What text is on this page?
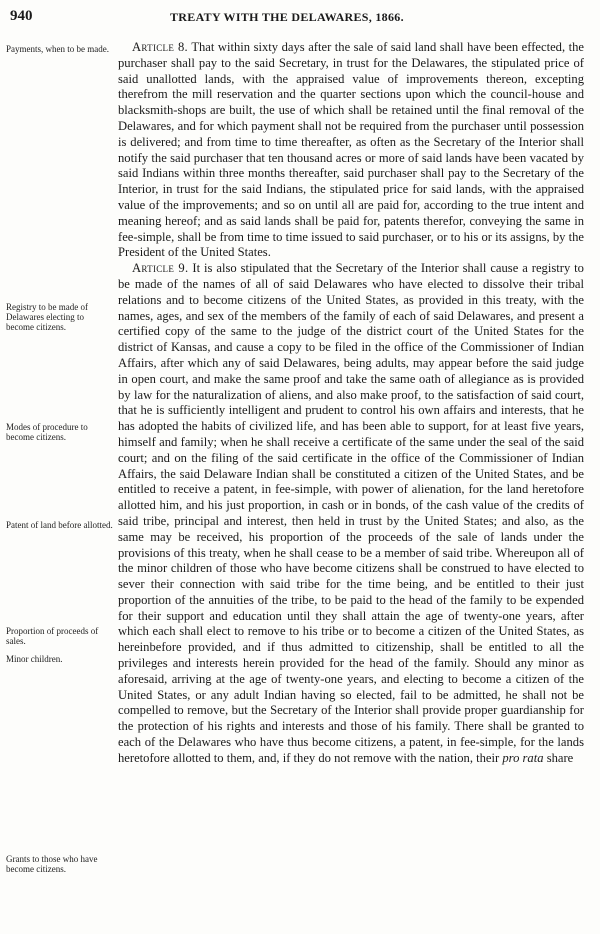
940	TREATY WITH THE DELAWARES, 1866.
Payments, when to be made.
Registry to be made of Delawares electing to become citizens.
Modes of procedure to become citizens.
Patent of land before allotted.
Proportion of proceeds of sales.
Minor children.
Grants to those who have become citizens.

Article 8. That within sixty days after the sale of said land shall have been effected, the purchaser shall pay to the said Secretary, in trust for the Delawares, the stipulated price of said unallotted lands, with the appraised value of improvements thereon, excepting therefrom the mill reservation and the quarter sections upon which the council-house and blacksmith-shops are built, the use of which shall be retained until the final removal of the Delawares, and for which payment shall not be required from the purchaser until possession is delivered; and from time to time thereafter, as often as the Secretary of the Interior shall notify the said purchaser that ten thousand acres or more of said lands have been vacated by said Indians within three months thereafter, said purchaser shall pay to the Secretary of the Interior, in trust for the said Indians, the stipulated price for said lands, with the appraised value of the improvements; and so on until all are paid for, according to the true intent and meaning hereof; and as said lands shall be paid for, patents therefor, conveying the same in fee-simple, shall be from time to time issued to said purchaser, or to his or its assigns, by the President of the United States.

Article 9. It is also stipulated that the Secretary of the Interior shall cause a registry to be made of the names of all of said Delawares who have elected to dissolve their tribal relations and to become citizens of the United States, as provided in this treaty, with the names, ages, and sex of the members of the family of each of said Delawares, and present a certified copy of the same to the judge of the district court of the United States for the district of Kansas, and cause a copy to be filed in the office of the Commissioner of Indian Affairs, after which any of said Delawares, being adults, may appear before the said judge in open court, and make the same proof and take the same oath of allegiance as is provided by law for the naturalization of aliens, and also make proof, to the satisfaction of said court, that he is sufficiently intelligent and prudent to control his own affairs and interests, that he has adopted the habits of civilized life, and has been able to support, for at least five years, himself and family; when he shall receive a certificate of the same under the seal of the said court; and on the filing of the said certificate in the office of the Commissioner of Indian Affairs, the said Delaware Indian shall be constituted a citizen of the United States, and be entitled to receive a patent, in fee-simple, with power of alienation, for the land heretofore allotted him, and his just proportion, in cash or in bonds, of the cash value of the credits of said tribe, principal and interest, then held in trust by the United States; and also, as the same may be received, his proportion of the proceeds of the sale of lands under the provisions of this treaty, when he shall cease to be a member of said tribe. Whereupon all of the minor children of those who have become citizens shall be construed to have elected to sever their connection with said tribe for the time being, and be entitled to their just proportion of the annuities of the tribe, to be paid to the head of the family to be expended for their support and education until they shall attain the age of twenty-one years, after which each shall elect to remove to his tribe or to become a citizen of the United States, as hereinbefore provided, and if thus admitted to citizenship, shall be entitled to all the privileges and interests herein provided for the head of the family. Should any minor as aforesaid, arriving at the age of twenty-one years, and electing to become a citizen of the United States, or any adult Indian having so elected, fail to be admitted, he shall not be compelled to remove, but the Secretary of the Interior shall provide proper guardianship for the protection of his rights and interests and those of his family. There shall be granted to each of the Delawares who have thus become citizens, a patent, in fee-simple, for the lands heretofore allotted to them, and, if they do not remove with the nation, their pro rata share
